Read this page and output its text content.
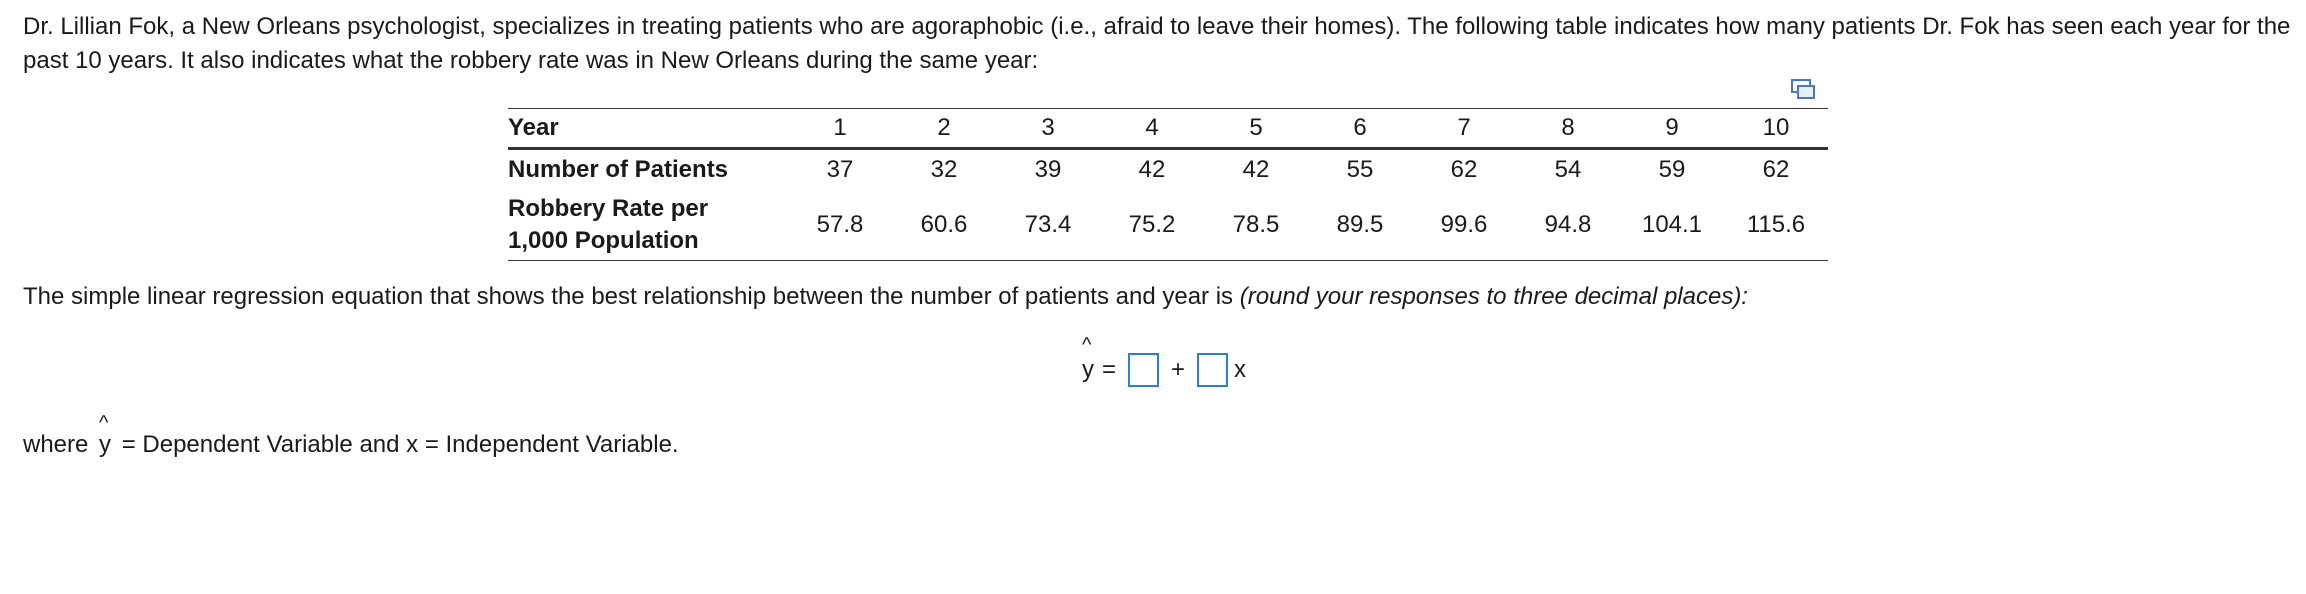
Dr. Lillian Fok, a New Orleans psychologist, specializes in treating patients who are agoraphobic (i.e., afraid to leave their homes). The following table indicates how many patients Dr. Fok has seen each year for the past 10 years. It also indicates what the robbery rate was in New Orleans during the same year:

Year	1	2	3	4	5	6	7	8	9	10
Number of Patients	37	32	39	42	42	55	62	54	59	62
Robbery Rate per
1,000 Population	57.8	60.6	73.4	75.2	78.5	89.5	99.6	94.8	104.1	115.6

The simple linear regression equation that shows the best relationship between the number of patients and year is (round your responses to three decimal places):

^
y = + x

where
^
y = Dependent Variable and x = Independent Variable.
